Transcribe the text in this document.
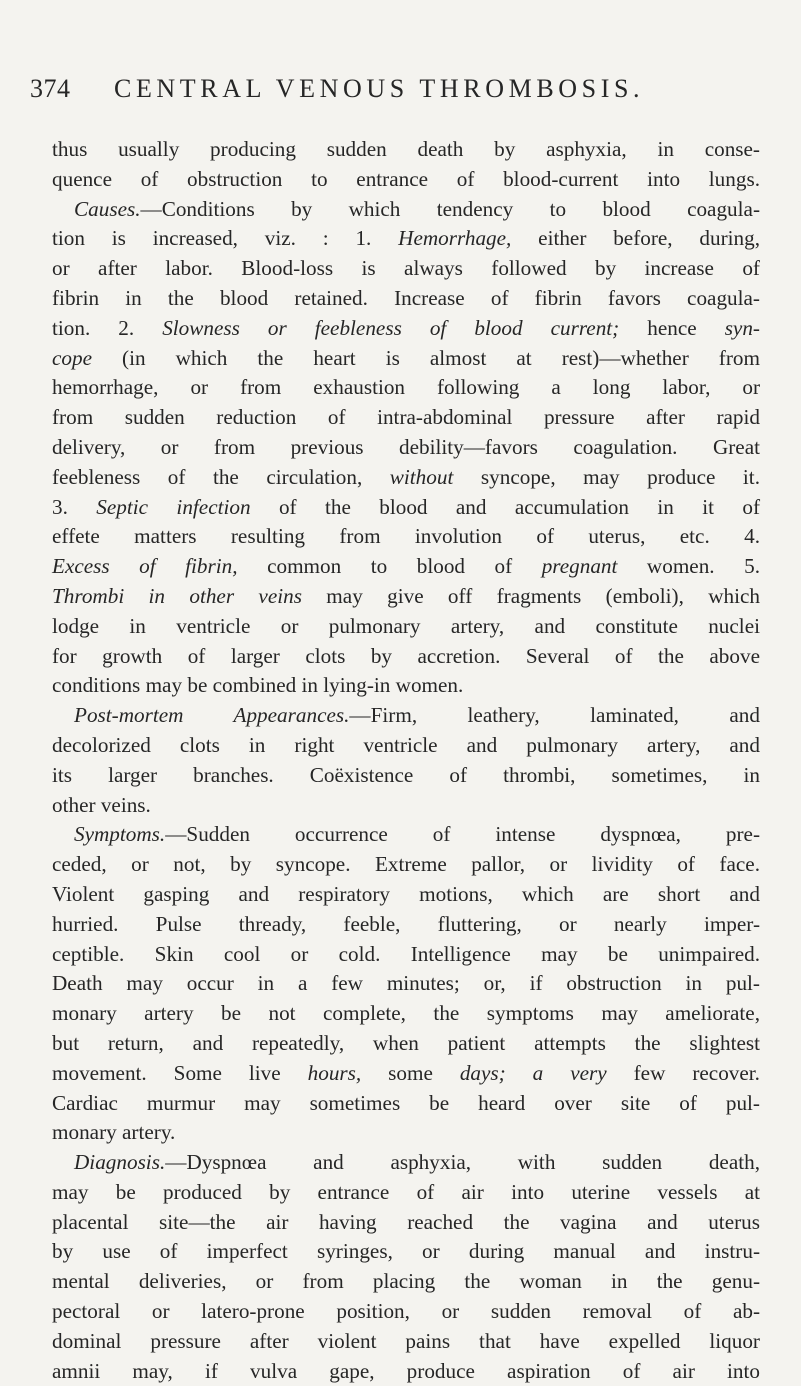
374 CENTRAL VENOUS THROMBOSIS.
thus usually producing sudden death by asphyxia, in conse-
quence of obstruction to entrance of blood-current into lungs.
Causes.—Conditions by which tendency to blood coagula-
tion is increased, viz. : 1. Hemorrhage, either before, during,
or after labor. Blood-loss is always followed by increase of
fibrin in the blood retained. Increase of fibrin favors coagula-
tion. 2. Slowness or feebleness of blood current; hence syn-
cope (in which the heart is almost at rest)—whether from
hemorrhage, or from exhaustion following a long labor, or
from sudden reduction of intra-abdominal pressure after rapid
delivery, or from previous debility—favors coagulation. Great
feebleness of the circulation, without syncope, may produce it.
3. Septic infection of the blood and accumulation in it of
effete matters resulting from involution of uterus, etc. 4.
Excess of fibrin, common to blood of pregnant women. 5.
Thrombi in other veins may give off fragments (emboli), which
lodge in ventricle or pulmonary artery, and constitute nuclei
for growth of larger clots by accretion. Several of the above
conditions may be combined in lying-in women.
Post-mortem Appearances.—Firm, leathery, laminated, and
decolorized clots in right ventricle and pulmonary artery, and
its larger branches. Coëxistence of thrombi, sometimes, in
other veins.
Symptoms.—Sudden occurrence of intense dyspnœa, pre-
ceded, or not, by syncope. Extreme pallor, or lividity of face.
Violent gasping and respiratory motions, which are short and
hurried. Pulse thready, feeble, fluttering, or nearly imper-
ceptible. Skin cool or cold. Intelligence may be unimpaired.
Death may occur in a few minutes; or, if obstruction in pul-
monary artery be not complete, the symptoms may ameliorate,
but return, and repeatedly, when patient attempts the slightest
movement. Some live hours, some days; a very few recover.
Cardiac murmur may sometimes be heard over site of pul-
monary artery.
Diagnosis.—Dyspnœa and asphyxia, with sudden death,
may be produced by entrance of air into uterine vessels at
placental site—the air having reached the vagina and uterus
by use of imperfect syringes, or during manual and instru-
mental deliveries, or from placing the woman in the genu-
pectoral or latero-prone position, or sudden removal of ab-
dominal pressure after violent pains that have expelled liquor
amnii may, if vulva gape, produce aspiration of air into
